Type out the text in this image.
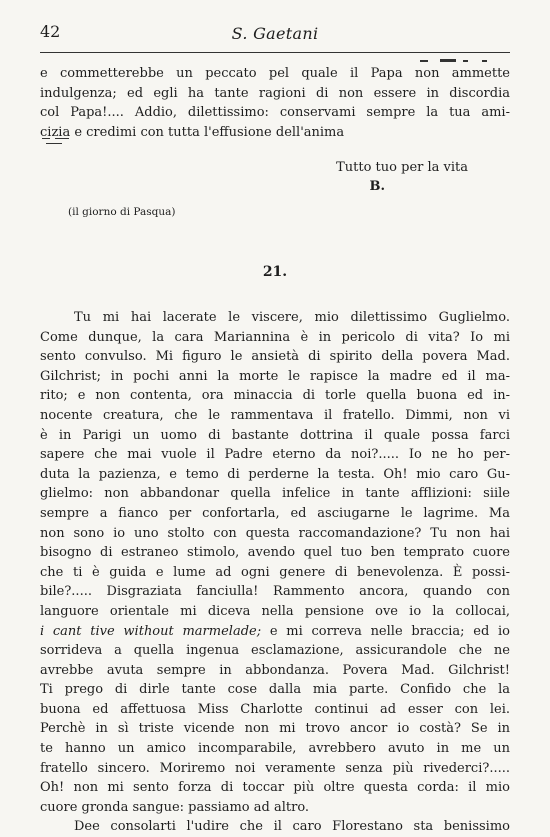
42	S. Gaetani
e commetterebbe un peccato pel quale il Papa non ammette
indulgenza; ed egli ha tante ragioni di non essere in discordia
col Papa!.... Addio, dilettissimo: conservami sempre la tua ami-
cizia e credimi con tutta l'effusione dell'anima
Tutto tuo per la vita
B.
(il giorno di Pasqua)
21.
Tu mi hai lacerate le viscere, mio dilettissimo Guglielmo.
Come dunque, la cara Mariannina è in pericolo di vita? Io mi
sento convulso. Mi figuro le ansietà di spirito della povera Mad.
Gilchrist; in pochi anni la morte le rapisce la madre ed il ma-
rito; e non contenta, ora minaccia di torle quella buona ed in-
nocente creatura, che le rammentava il fratello. Dimmi, non vi
è in Parigi un uomo di bastante dottrina il quale possa farci
sapere che mai vuole il Padre eterno da noi?..... Io ne ho per-
duta la pazienza, e temo di perderne la testa. Oh! mio caro Gu-
glielmo: non abbandonar quella infelice in tante afflizioni: siile
sempre a fianco per confortarla, ed asciugarne le lagrime. Ma
non sono io uno stolto con questa raccomandazione? Tu non hai
bisogno di estraneo stimolo, avendo quel tuo ben temprato cuore
che ti è guida e lume ad ogni genere di benevolenza. È possi-
bile?..... Disgraziata fanciulla! Rammento ancora, quando con
languore orientale mi diceva nella pensione ove io la collocai,
i cant tive without marmelade; e mi correva nelle braccia; ed io
sorrideva a quella ingenua esclamazione, assicurandole che ne
avrebbe avuta sempre in abbondanza. Povera Mad. Gilchrist!
Ti prego di dirle tante cose dalla mia parte. Confido che la
buona ed affettuosa Miss Charlotte continui ad esser con lei.
Perchè in sì triste vicende non mi trovo ancor io costà? Se in
te hanno un amico incomparabile, avrebbero avuto in me un
fratello sincero. Moriremo noi veramente senza più rivederci?.....
Oh! non mi sento forza di toccar più oltre questa corda: il mio
cuore gronda sangue: passiamo ad altro.
Dee consolarti l'udire che il caro Florestano sta benissimo
